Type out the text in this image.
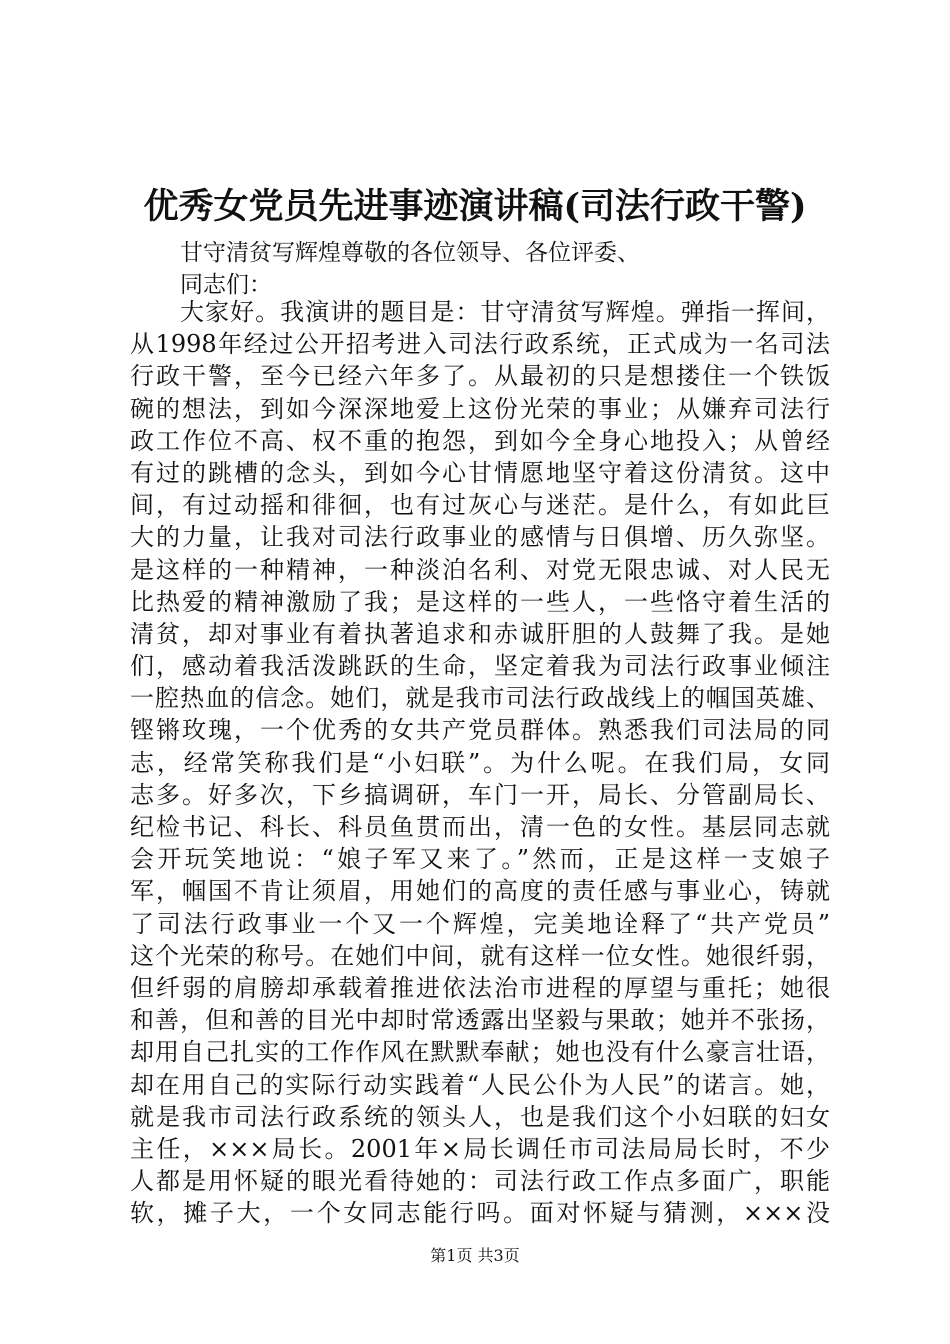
优秀女党员先进事迹演讲稿(司法行政干警)
甘守清贫写辉煌尊敬的各位领导、各位评委、
同志们：
大家好。我演讲的题目是：甘守清贫写辉煌。弹指一挥间，
从1998年经过公开招考进入司法行政系统，正式成为一名司法
行政干警，至今已经六年多了。从最初的只是想搂住一个铁饭
碗的想法，到如今深深地爱上这份光荣的事业；从嫌弃司法行
政工作位不高、权不重的抱怨，到如今全身心地投入；从曾经
有过的跳槽的念头，到如今心甘情愿地坚守着这份清贫。这中
间，有过动摇和徘徊，也有过灰心与迷茫。是什么，有如此巨
大的力量，让我对司法行政事业的感情与日俱增、历久弥坚。
是这样的一种精神，一种淡泊名利、对党无限忠诚、对人民无
比热爱的精神激励了我；是这样的一些人，一些恪守着生活的
清贫，却对事业有着执著追求和赤诚肝胆的人鼓舞了我。是她
们，感动着我活泼跳跃的生命，坚定着我为司法行政事业倾注
一腔热血的信念。她们，就是我市司法行政战线上的帼国英雄、
铿锵玫瑰，一个优秀的女共产党员群体。熟悉我们司法局的同
志，经常笑称我们是“小妇联”。为什么呢。在我们局，女同
志多。好多次，下乡搞调研，车门一开，局长、分管副局长、
纪检书记、科长、科员鱼贯而出，清一色的女性。基层同志就
会开玩笑地说：“娘子军又来了。”然而，正是这样一支娘子
军，帼国不肯让须眉，用她们的高度的责任感与事业心，铸就
了司法行政事业一个又一个辉煌，完美地诠释了“共产党员”
这个光荣的称号。在她们中间，就有这样一位女性。她很纤弱，
但纤弱的肩膀却承载着推进依法治市进程的厚望与重托；她很
和善，但和善的目光中却时常透露出坚毅与果敢；她并不张扬，
却用自己扎实的工作作风在默默奉献；她也没有什么豪言壮语，
却在用自己的实际行动实践着“人民公仆为人民”的诺言。她，
就是我市司法行政系统的领头人，也是我们这个小妇联的妇女
主任，×××局长。2001年×局长调任市司法局局长时，不少
人都是用怀疑的眼光看待她的：司法行政工作点多面广，职能
软，摊子大，一个女同志能行吗。面对怀疑与猜测，×××没
第1页 共3页
